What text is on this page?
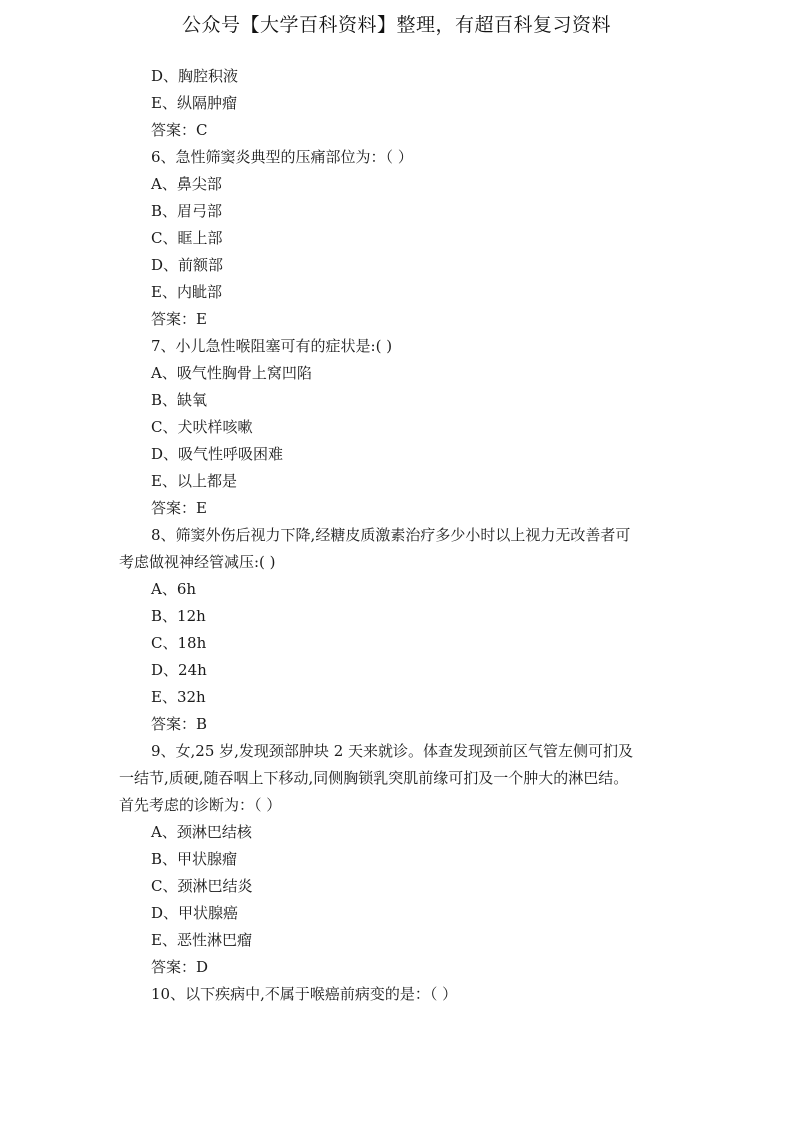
公众号【大学百科资料】整理，有超百科复习资料
D、胸腔积液
E、纵隔肿瘤
答案：C
6、急性筛窦炎典型的压痛部位为：（ ）
A、鼻尖部
B、眉弓部
C、眶上部
D、前额部
E、内眦部
答案：E
7、小儿急性喉阻塞可有的症状是:( )
A、吸气性胸骨上窝凹陷
B、缺氧
C、犬吠样咳嗽
D、吸气性呼吸困难
E、以上都是
答案：E
8、筛窦外伤后视力下降,经糖皮质激素治疗多少小时以上视力无改善者可
考虑做视神经管减压:( )
A、6h
B、12h
C、18h
D、24h
E、32h
答案：B
9、女,25 岁,发现颈部肿块 2 天来就诊。体查发现颈前区气管左侧可扪及
一结节,质硬,随吞咽上下移动,同侧胸锁乳突肌前缘可扪及一个肿大的淋巴结。
首先考虑的诊断为：（ ）
A、颈淋巴结核
B、甲状腺瘤
C、颈淋巴结炎
D、甲状腺癌
E、恶性淋巴瘤
答案：D
10、以下疾病中,不属于喉癌前病变的是：（ ）
